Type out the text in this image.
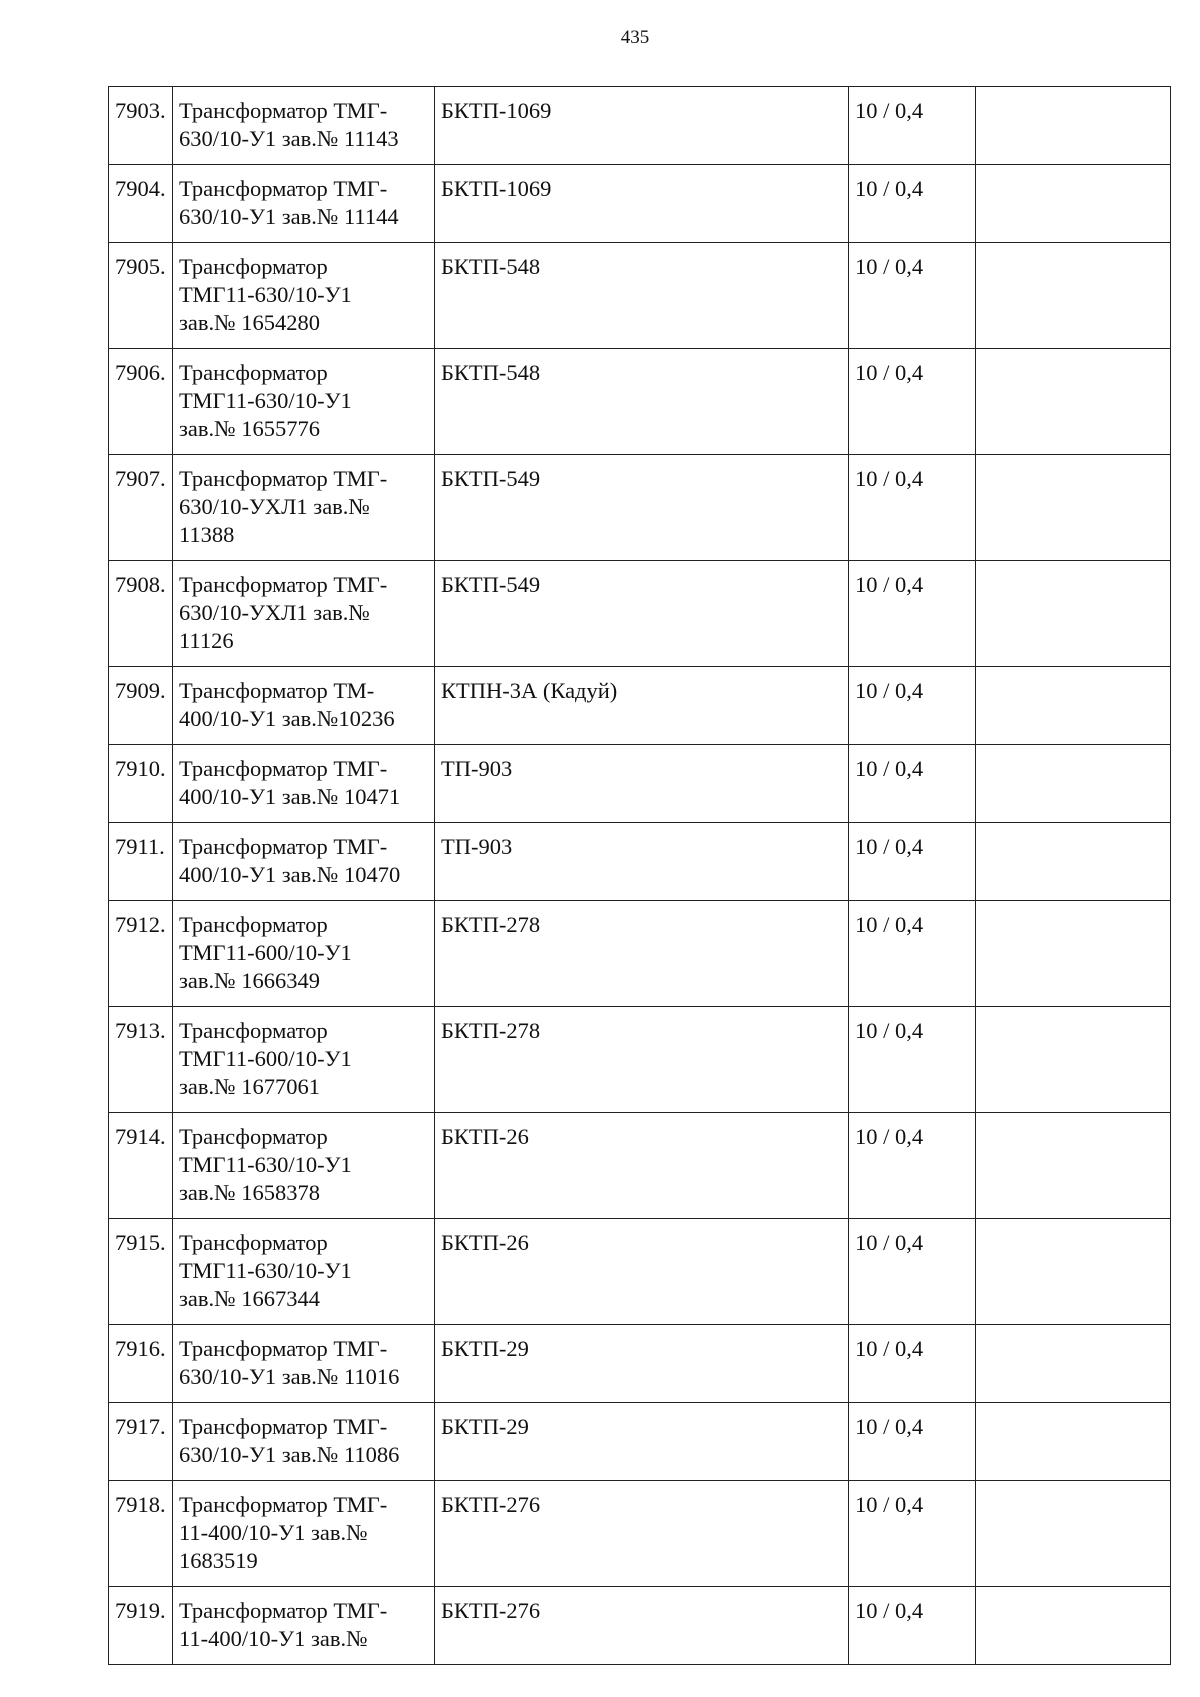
435
7903.	Трансформатор ТМГ-
630/10-У1 зав.№ 11143	БКТП-1069	10 / 0,4	
7904.	Трансформатор ТМГ-
630/10-У1 зав.№ 11144	БКТП-1069	10 / 0,4	
7905.	Трансформатор
ТМГ11-630/10-У1
зав.№ 1654280	БКТП-548	10 / 0,4	
7906.	Трансформатор
ТМГ11-630/10-У1
зав.№ 1655776	БКТП-548	10 / 0,4	
7907.	Трансформатор ТМГ-
630/10-УХЛ1 зав.№
11388	БКТП-549	10 / 0,4	
7908.	Трансформатор ТМГ-
630/10-УХЛ1 зав.№
11126	БКТП-549	10 / 0,4	
7909.	Трансформатор ТМ-
400/10-У1 зав.№10236	КТПН-3А (Кадуй)	10 / 0,4	
7910.	Трансформатор ТМГ-
400/10-У1 зав.№ 10471	ТП-903	10 / 0,4	
7911.	Трансформатор ТМГ-
400/10-У1 зав.№ 10470	ТП-903	10 / 0,4	
7912.	Трансформатор
ТМГ11-600/10-У1
зав.№ 1666349	БКТП-278	10 / 0,4	
7913.	Трансформатор
ТМГ11-600/10-У1
зав.№ 1677061	БКТП-278	10 / 0,4	
7914.	Трансформатор
ТМГ11-630/10-У1
зав.№ 1658378	БКТП-26	10 / 0,4	
7915.	Трансформатор
ТМГ11-630/10-У1
зав.№ 1667344	БКТП-26	10 / 0,4	
7916.	Трансформатор ТМГ-
630/10-У1 зав.№ 11016	БКТП-29	10 / 0,4	
7917.	Трансформатор ТМГ-
630/10-У1 зав.№ 11086	БКТП-29	10 / 0,4	
7918.	Трансформатор ТМГ-
11-400/10-У1 зав.№
1683519	БКТП-276	10 / 0,4	
7919.	Трансформатор ТМГ-
11-400/10-У1 зав.№	БКТП-276	10 / 0,4	
